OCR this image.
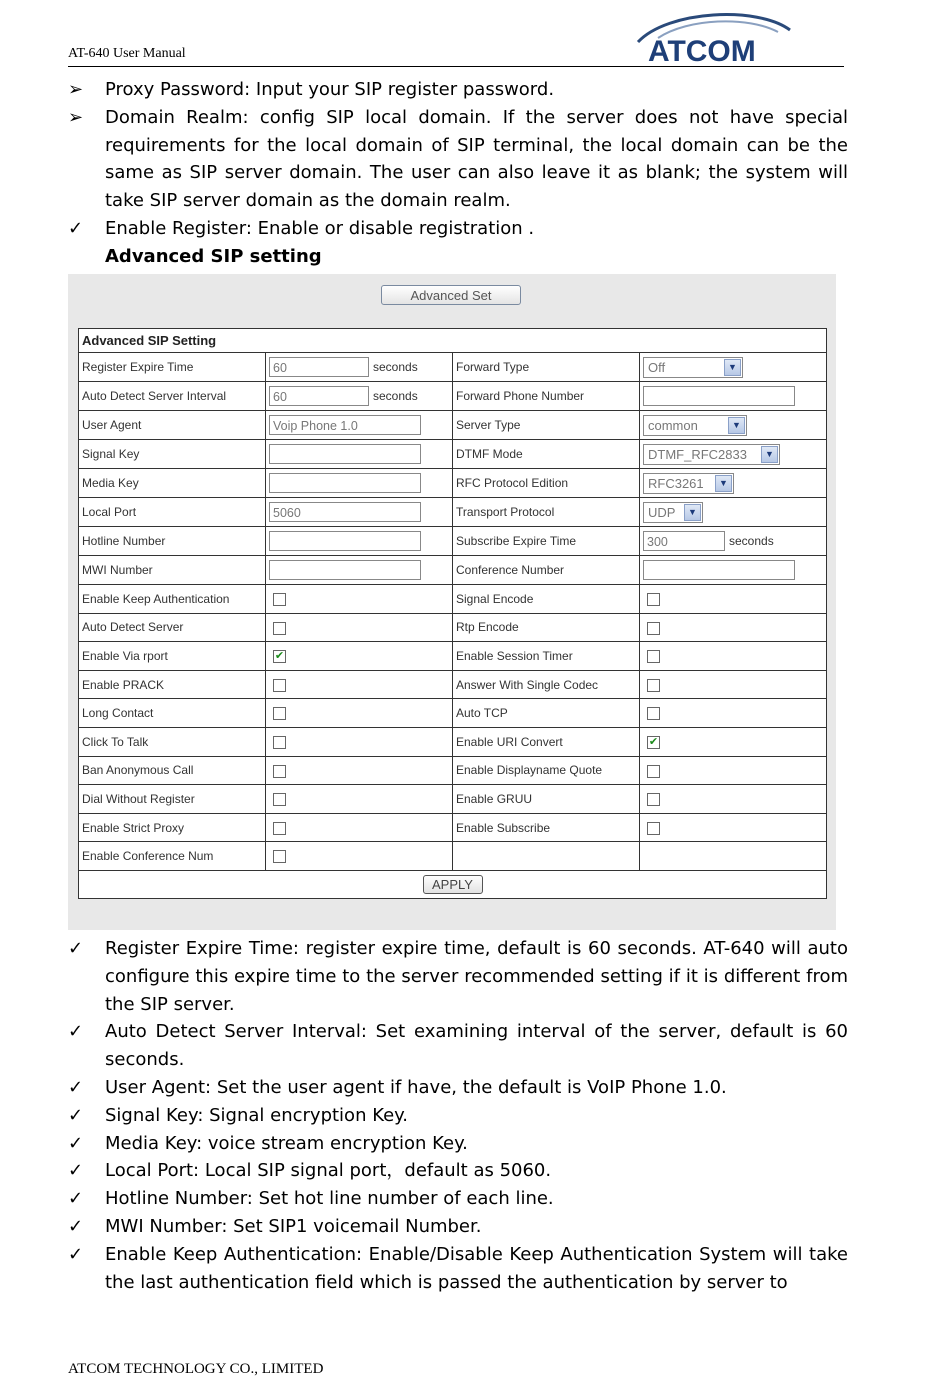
AT-640 User Manual	ATCOM
➢	Proxy Password: Input your SIP register password.
➢	Domain Realm: config SIP local domain. If the server does not have special requirements for the local domain of SIP terminal, the local domain can be the same as SIP server domain. The user can also leave it as blank; the system will take SIP server domain as the domain realm.
✓	Enable Register: Enable or disable registration .
Advanced SIP setting
Advanced Set
Advanced SIP Setting			
Register Expire Time	60 seconds	Forward Type	Off ▼

Auto Detect Server Interval	60 seconds	Forward Phone Number	
User Agent	Voip Phone 1.0	Server Type	common ▼

Signal Key		DTMF Mode	DTMF_RFC2833 ▼

Media Key		RFC Protocol Edition	RFC3261 ▼

Local Port	5060	Transport Protocol	UDP ▼

Hotline Number		Subscribe Expire Time	300 seconds
MWI Number		Conference Number	
Enable Keep Authentication		Signal Encode	
Auto Detect Server		Rtp Encode	
Enable Via rport	✔	Enable Session Timer	
Enable PRACK		Answer With Single Codec	
Long Contact		Auto TCP	
Click To Talk		Enable URI Convert	✔
Ban Anonymous Call		Enable Displayname Quote	
Dial Without Register		Enable GRUU	
Enable Strict Proxy		Enable Subscribe	
Enable Conference Num			
APPLY			
✓	Register Expire Time: register expire time, default is 60 seconds. AT-640 will auto configure this expire time to the server recommended setting if it is different from the SIP server.
✓	Auto Detect Server Interval: Set examining interval of the server, default is 60 seconds.
✓	User Agent: Set the user agent if have, the default is VoIP Phone 1.0.
✓	Signal Key: Signal encryption Key.
✓	Media Key: voice stream encryption Key.
✓	Local Port: Local SIP signal port，default as 5060.
✓	Hotline Number: Set hot line number of each line.
✓	MWI Number: Set SIP1 voicemail Number.
✓	Enable Keep Authentication: Enable/Disable Keep Authentication System will take the last authentication field which is passed the authentication by server to
ATCOM TECHNOLOGY CO., LIMITED
